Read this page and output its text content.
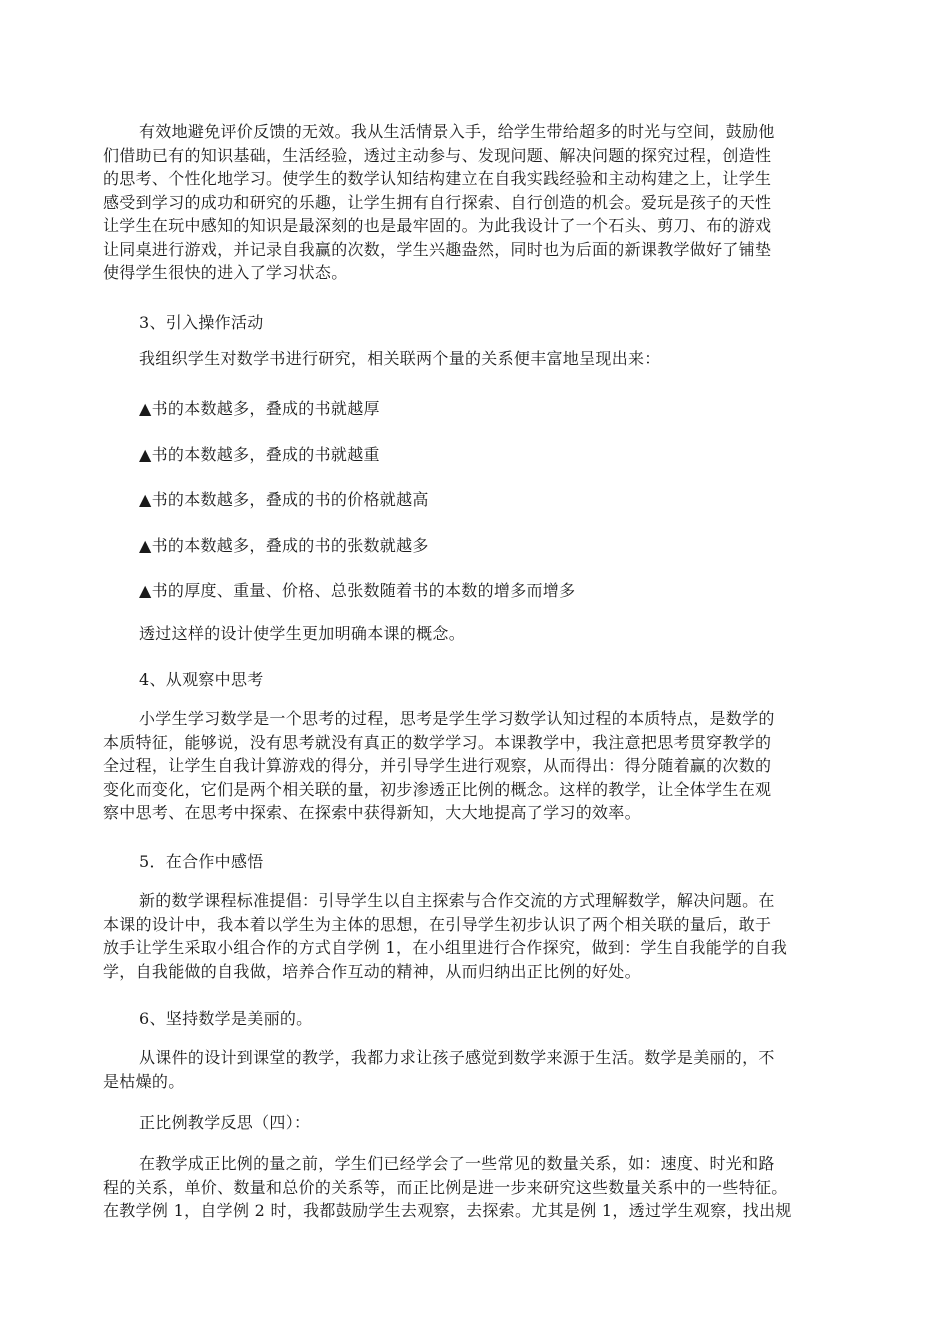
有效地避免评价反馈的无效。我从生活情景入手，给学生带给超多的时光与空间，鼓励他
们借助已有的知识基础，生活经验，透过主动参与、发现问题、解决问题的探究过程，创造性
的思考、个性化地学习。使学生的数学认知结构建立在自我实践经验和主动构建之上，让学生
感受到学习的成功和研究的乐趣，让学生拥有自行探索、自行创造的机会。爱玩是孩子的天性
让学生在玩中感知的知识是最深刻的也是最牢固的。为此我设计了一个石头、剪刀、布的游戏
让同桌进行游戏，并记录自我赢的次数，学生兴趣盎然，同时也为后面的新课教学做好了铺垫
使得学生很快的进入了学习状态。

3、引入操作活动

我组织学生对数学书进行研究，相关联两个量的关系便丰富地呈现出来：

▲书的本数越多，叠成的书就越厚

▲书的本数越多，叠成的书就越重

▲书的本数越多，叠成的书的价格就越高

▲书的本数越多，叠成的书的张数就越多

▲书的厚度、重量、价格、总张数随着书的本数的增多而增多

透过这样的设计使学生更加明确本课的概念。

4、从观察中思考

小学生学习数学是一个思考的过程，思考是学生学习数学认知过程的本质特点，是数学的
本质特征，能够说，没有思考就没有真正的数学学习。本课教学中，我注意把思考贯穿教学的
全过程，让学生自我计算游戏的得分，并引导学生进行观察，从而得出：得分随着赢的次数的
变化而变化，它们是两个相关联的量，初步渗透正比例的概念。这样的教学，让全体学生在观
察中思考、在思考中探索、在探索中获得新知，大大地提高了学习的效率。

5．在合作中感悟

新的数学课程标准提倡：引导学生以自主探索与合作交流的方式理解数学，解决问题。在
本课的设计中，我本着以学生为主体的思想，在引导学生初步认识了两个相关联的量后，敢于
放手让学生采取小组合作的方式自学例 1，在小组里进行合作探究，做到：学生自我能学的自我
学，自我能做的自我做，培养合作互动的精神，从而归纳出正比例的好处。

6、坚持数学是美丽的。

从课件的设计到课堂的教学，我都力求让孩子感觉到数学来源于生活。数学是美丽的，不
是枯燥的。

正比例教学反思（四）：

在教学成正比例的量之前，学生们已经学会了一些常见的数量关系，如：速度、时光和路
程的关系，单价、数量和总价的关系等，而正比例是进一步来研究这些数量关系中的一些特征。
在教学例 1，自学例 2 时，我都鼓励学生去观察，去探索。尤其是例 1，透过学生观察，找出规
